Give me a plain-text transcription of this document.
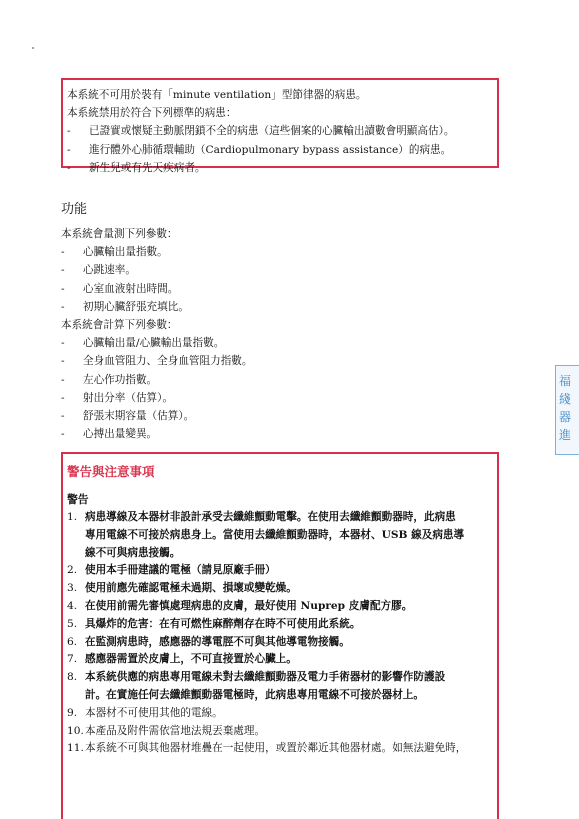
本系統不可用於裝有「minute ventilation」型節律器的病患。
本系統禁用於符合下列標準的病患：
- 已證實或懷疑主動脈閉鎖不全的病患（這些個案的心臟輸出讀數會明顯高估）。
- 進行體外心肺循環輔助（Cardiopulmonary bypass assistance）的病患。
- 新生兒或有先天疾病者。
功能
本系統會量測下列參數：
- 心臟輸出量指數。
- 心跳速率。
- 心室血液射出時間。
- 初期心臟舒張充填比。
本系統會計算下列參數：
- 心臟輸出量/心臟輸出量指數。
- 全身血管阻力、全身血管阻力指數。
- 左心作功指數。
- 射出分率（估算）。
- 舒張末期容量（估算）。
- 心搏出量變異。
警告與注意事項
警告
1. 病患導線及本器材非設計承受去纖維顫動電擊。在使用去纖維顫動器時，此病患
專用電線不可接於病患身上。當使用去纖維顫動器時，本器材、USB 線及病患導
線不可與病患接觸。
2. 使用本手冊建議的電極（請見原廠手冊）
3. 使用前應先確認電極未過期、損壞或變乾燥。
4. 在使用前需先審慎處理病患的皮膚，最好使用 Nuprep 皮膚配方膠。
5. 具爆炸的危害：在有可燃性麻醉劑存在時不可使用此系統。
6. 在監測病患時，感應器的導電脛不可與其他導電物接觸。
7. 感應器需置於皮膚上，不可直接置於心臟上。
8. 本系統供應的病患專用電線未對去纖維顫動器及電力手術器材的影響作防護設
計。在實施任何去纖維顫動器電極時，此病患專用電線不可接於器材上。
9. 本器材不可使用其他的電線。
10. 本產品及附件需依當地法規丟棄處理。
11. 本系統不可與其他器材堆疊在一起使用，或置於鄰近其他器材處。如無法避免時，
福 綫 器 進
